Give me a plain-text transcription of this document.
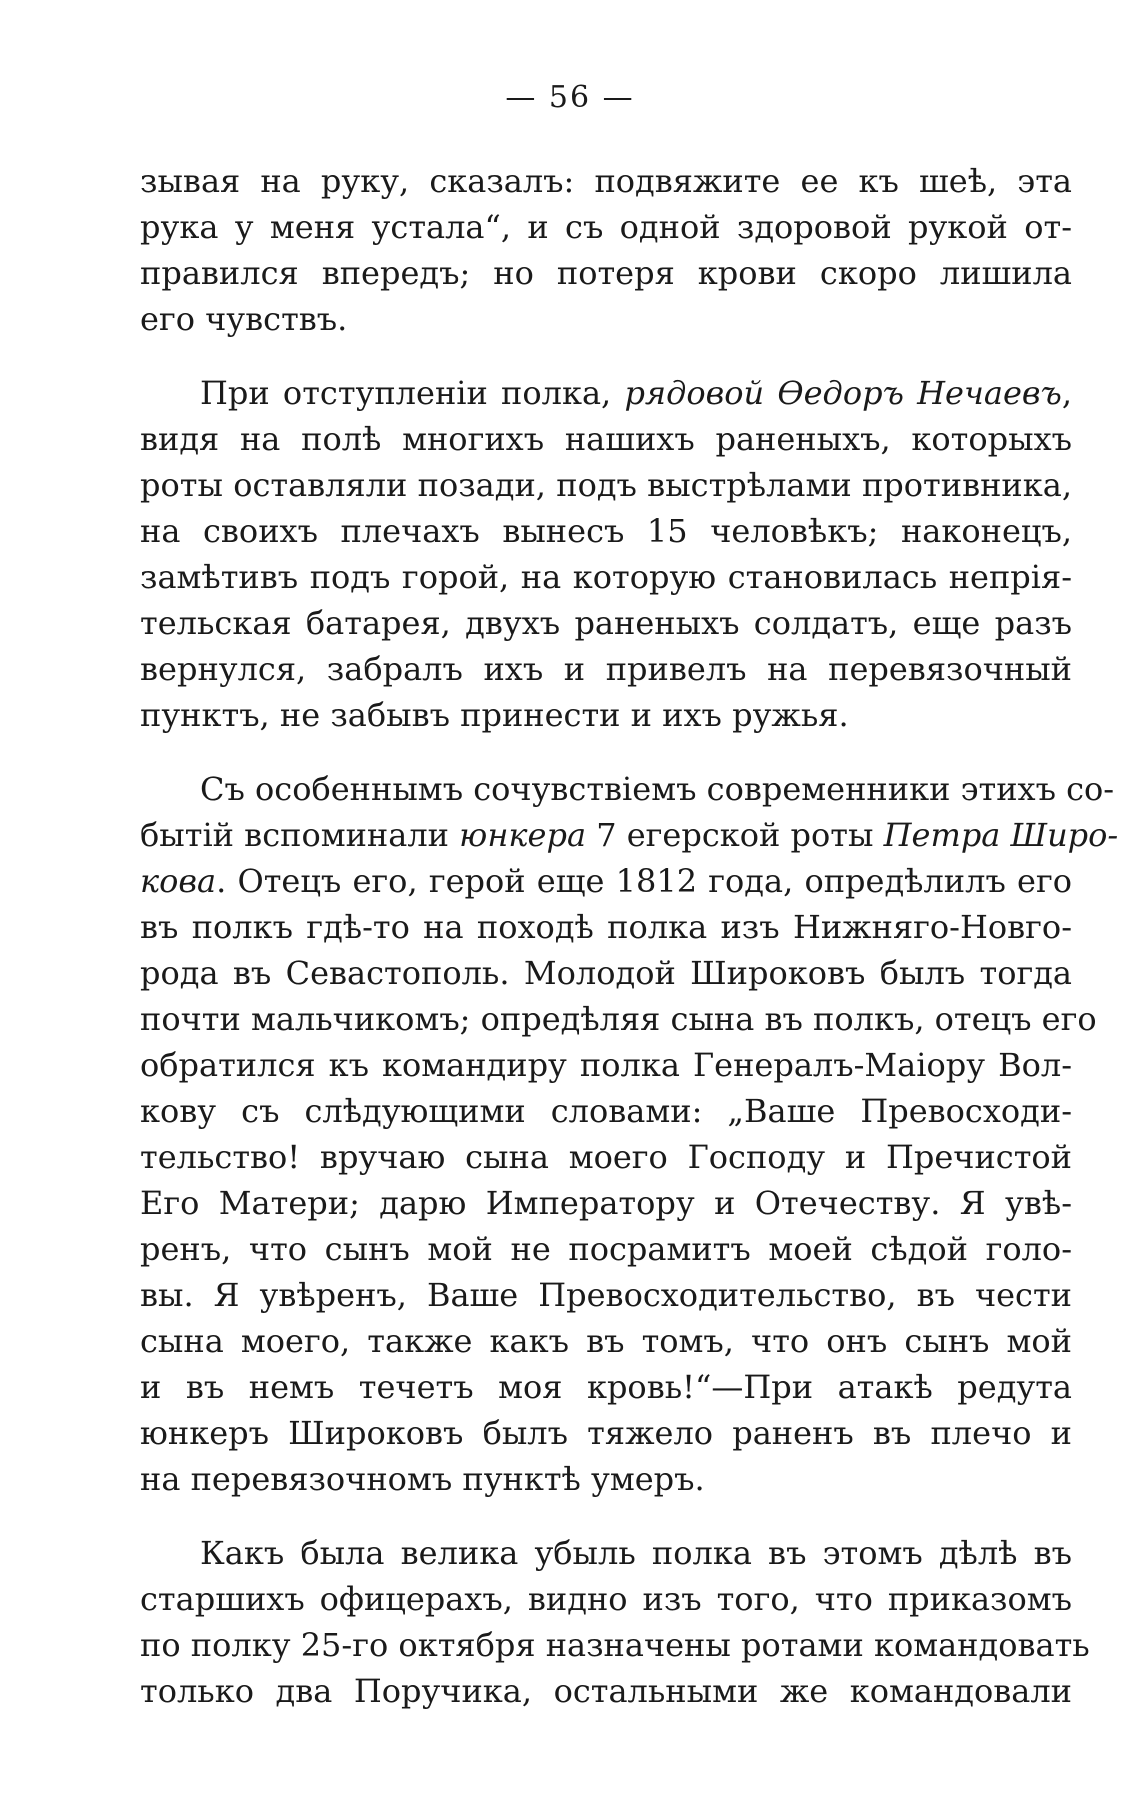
— 56 —
зывая на руку, сказалъ: подвяжите ее къ шеѣ, эта
рука у меня устала“, и съ одной здоровой рукой от-
правился впередъ; но потеря крови скоро лишила
его чувствъ.
При отступленіи полка, рядовой Ѳедоръ Нечаевъ,
видя на полѣ многихъ нашихъ раненыхъ, которыхъ
роты оставляли позади, подъ выстрѣлами противника,
на своихъ плечахъ вынесъ 15 человѣкъ; наконецъ,
замѣтивъ подъ горой, на которую становилась непрія-
тельская батарея, двухъ раненыхъ солдатъ, еще разъ
вернулся, забралъ ихъ и привелъ на перевязочный
пунктъ, не забывъ принести и ихъ ружья.
Съ особеннымъ сочувствіемъ современники этихъ со-
бытій вспоминали юнкера 7 егерской роты Петра Широ-
кова. Отецъ его, герой еще 1812 года, опредѣлилъ его
въ полкъ гдѣ-то на походѣ полка изъ Нижняго-Новго-
рода въ Севастополь. Молодой Широковъ былъ тогда
почти мальчикомъ; опредѣляя сына въ полкъ, отецъ его
обратился къ командиру полка Генералъ-Маіору Вол-
кову съ слѣдующими словами: „Ваше Превосходи-
тельство! вручаю сына моего Господу и Пречистой
Его Матери; дарю Императору и Отечеству. Я увѣ-
ренъ, что сынъ мой не посрамитъ моей сѣдой голо-
вы. Я увѣренъ, Ваше Превосходительство, въ чести
сына моего, также какъ въ томъ, что онъ сынъ мой
и въ немъ течетъ моя кровь!“—При атакѣ редута
юнкеръ Широковъ былъ тяжело раненъ въ плечо и
на перевязочномъ пунктѣ умеръ.
Какъ была велика убыль полка въ этомъ дѣлѣ въ
старшихъ офицерахъ, видно изъ того, что приказомъ
по полку 25-го октября назначены ротами командовать
только два Поручика, остальными же командовали
